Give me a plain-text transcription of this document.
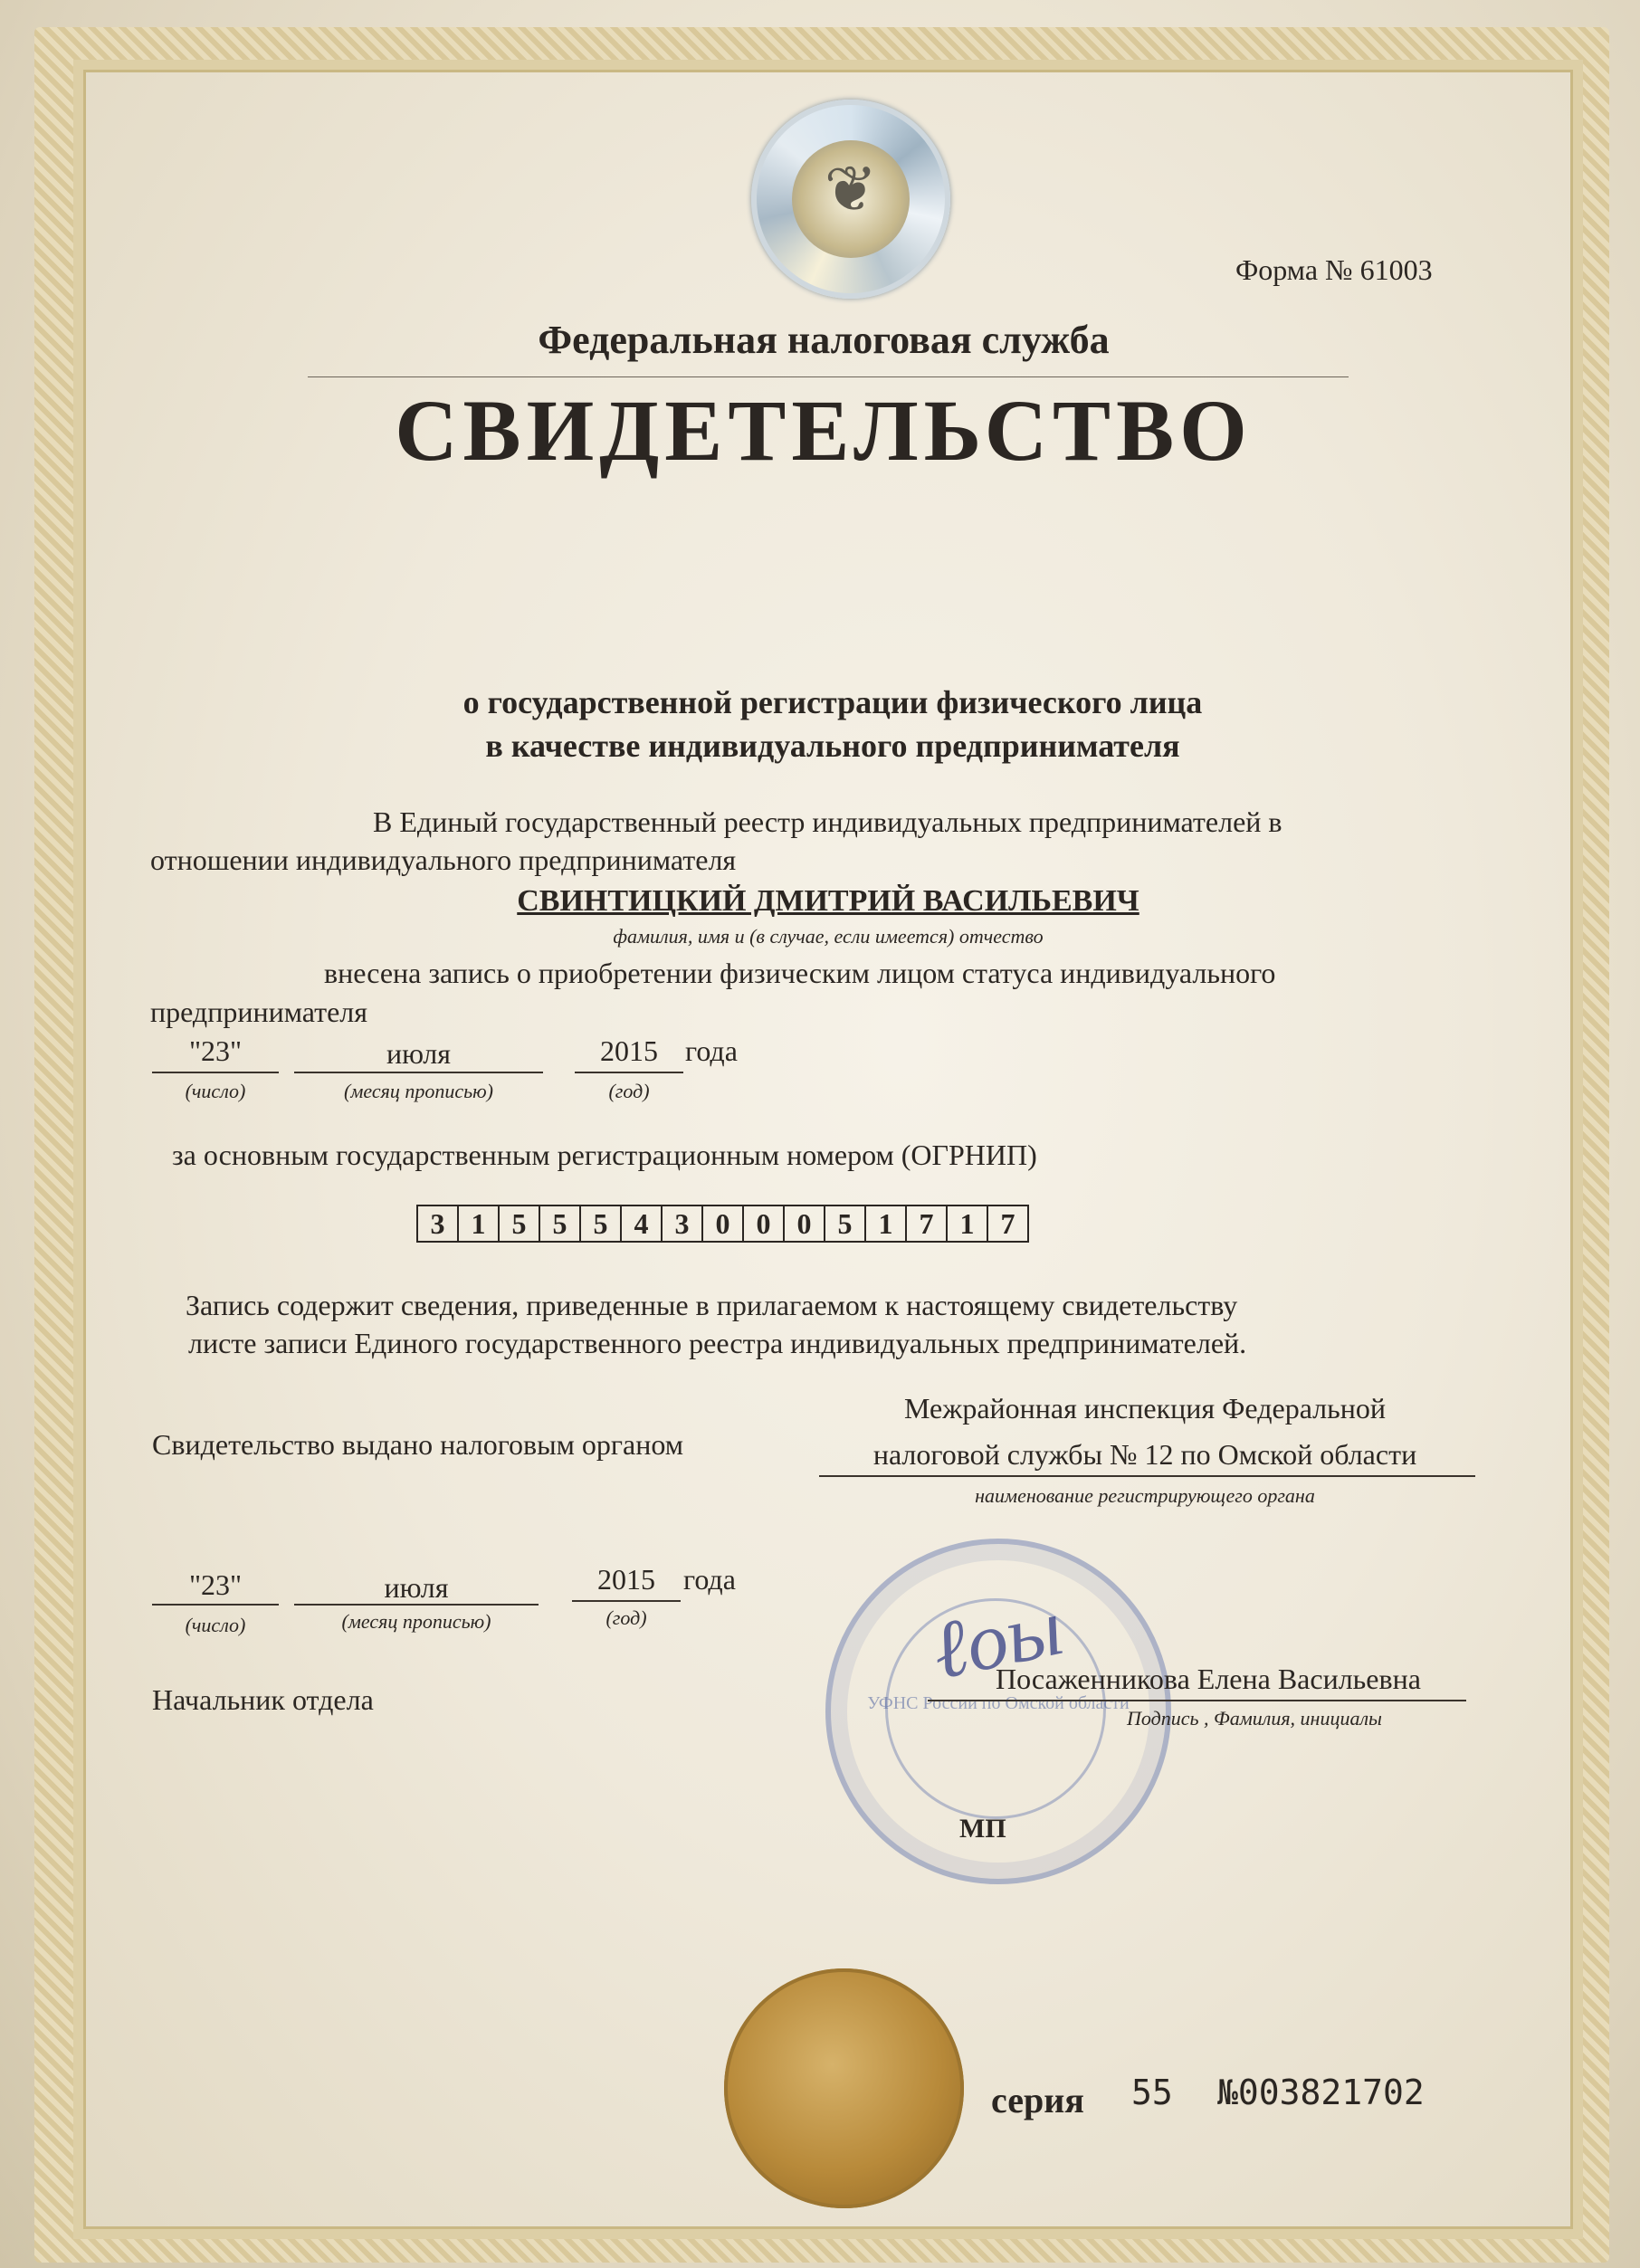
❦
Форма № 61003
Федеральная налоговая служба
СВИДЕТЕЛЬСТВО
о государственной регистрации физического лица
в качестве индивидуального предпринимателя
В Единый государственный реестр индивидуальных предпринимателей в
отношении индивидуального предпринимателя
СВИНТИЦКИЙ ДМИТРИЙ ВАСИЛЬЕВИЧ
фамилия, имя и (в случае, если имеется) отчество
внесена запись о приобретении физическим лицом статуса индивидуального
предпринимателя
"23"	июля	2015 года
(число)	(месяц прописью)	(год)
за основным государственным регистрационным номером (ОГРНИП)
3 1 5 5 5 4 3 0 0 0 5 1 7 1 7
Запись содержит сведения, приведенные в прилагаемом к настоящему свидетельству
листе записи Единого государственного реестра индивидуальных предпринимателей.
Свидетельство выдано налоговым органом
Межрайонная инспекция Федеральной
налоговой службы № 12 по Омской области
наименование регистрирующего органа
УФНС России по Омской области
ℓoы
"23"	июля	2015 года
(число)	(месяц прописью)	(год)
Начальник отдела
Посаженникова Елена Васильевна
Подпись , Фамилия, инициалы
МП
серия 55 №003821702
